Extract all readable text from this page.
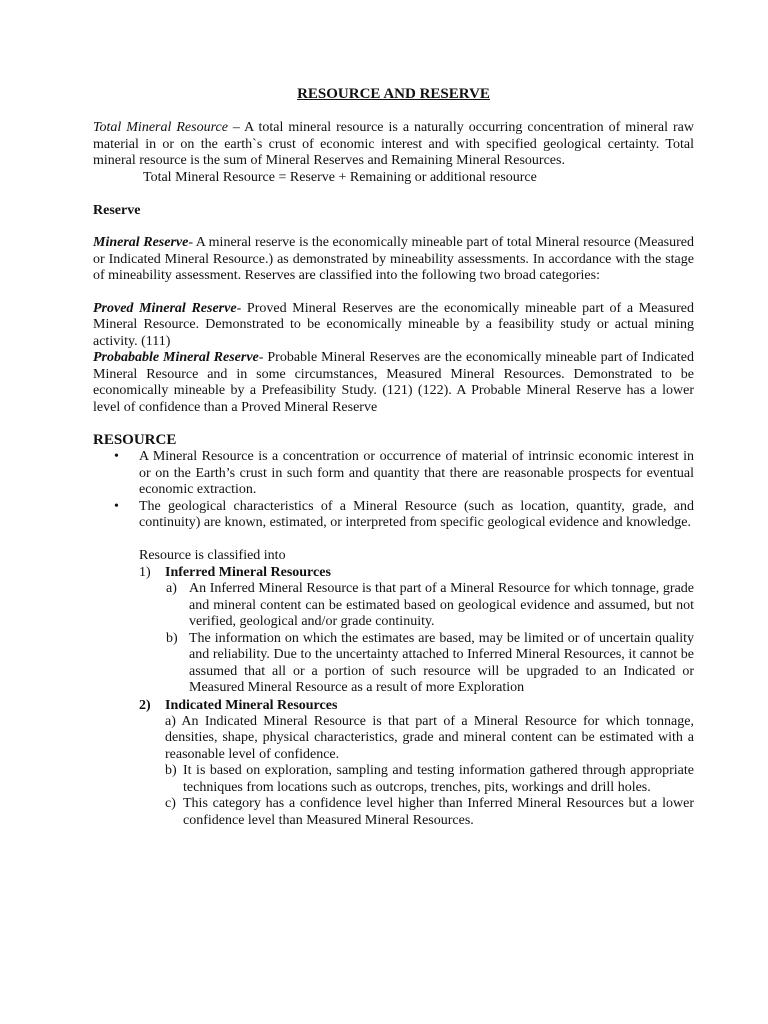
RESOURCE AND RESERVE

Total Mineral Resource – A total mineral resource is a naturally occurring concentration of mineral raw material in or on the earth`s crust of economic interest and with specified geological certainty. Total mineral resource is the sum of Mineral Reserves and Remaining Mineral Resources.

Total Mineral Resource = Reserve + Remaining or additional resource

Reserve

Mineral Reserve- A mineral reserve is the economically mineable part of total Mineral resource (Measured or Indicated Mineral Resource.) as demonstrated by mineability assessments. In accordance with the stage of mineability assessment. Reserves are classified into the following two broad categories:

Proved Mineral Reserve- Proved Mineral Reserves are the economically mineable part of a Measured Mineral Resource. Demonstrated to be economically mineable by a feasibility study or actual mining activity. (111)

Probabable Mineral Reserve- Probable Mineral Reserves are the economically mineable part of Indicated Mineral Resource and in some circumstances, Measured Mineral Resources. Demonstrated to be economically mineable by a Prefeasibility Study. (121) (122). A Probable Mineral Reserve has a lower level of confidence than a Proved Mineral Reserve

RESOURCE
• A Mineral Resource is a concentration or occurrence of material of intrinsic economic interest in or on the Earth’s crust in such form and quantity that there are reasonable prospects for eventual economic extraction.
• The geological characteristics of a Mineral Resource (such as location, quantity, grade, and continuity) are known, estimated, or interpreted from specific geological evidence and knowledge.

Resource is classified into

1) Inferred Mineral Resources
a) An Inferred Mineral Resource is that part of a Mineral Resource for which tonnage, grade and mineral content can be estimated based on geological evidence and assumed, but not verified, geological and/or grade continuity.
b) The information on which the estimates are based, may be limited or of uncertain quality and reliability. Due to the uncertainty attached to Inferred Mineral Resources, it cannot be assumed that all or a portion of such resource will be upgraded to an Indicated or Measured Mineral Resource as a result of more Exploration
2) Indicated Mineral Resources

a) An Indicated Mineral Resource is that part of a Mineral Resource for which tonnage, densities, shape, physical characteristics, grade and mineral content can be estimated with a reasonable level of confidence.

b) It is based on exploration, sampling and testing information gathered through appropriate techniques from locations such as outcrops, trenches, pits, workings and drill holes.
c) This category has a confidence level higher than Inferred Mineral Resources but a lower confidence level than Measured Mineral Resources.
